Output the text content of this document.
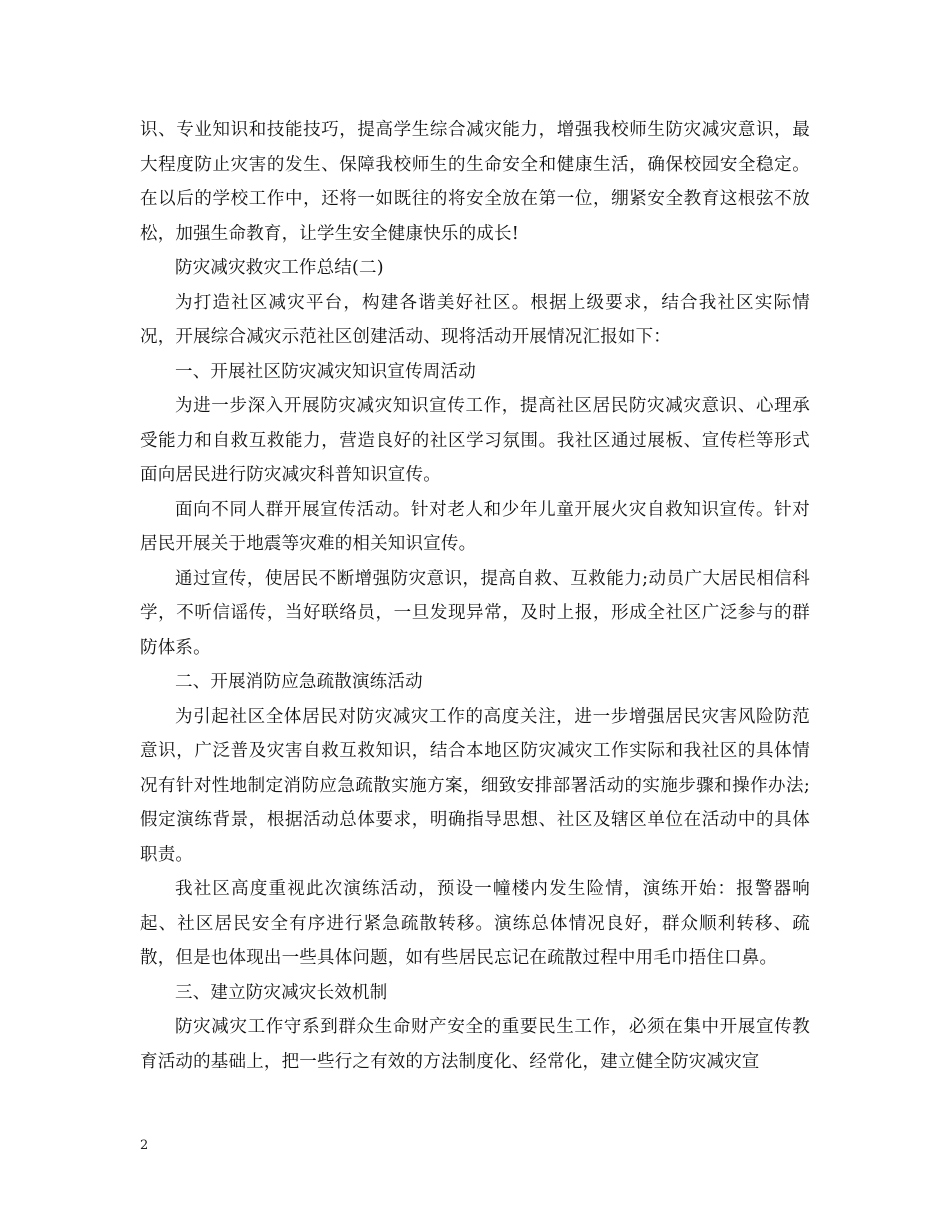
识、专业知识和技能技巧，提高学生综合减灾能力，增强我校师生防灾减灾意识，最大程度防止灾害的发生、保障我校师生的生命安全和健康生活，确保校园安全稳定。在以后的学校工作中，还将一如既往的将安全放在第一位，绷紧安全教育这根弦不放松，加强生命教育，让学生安全健康快乐的成长!

防灾减灾救灾工作总结(二)

为打造社区减灾平台，构建各谐美好社区。根据上级要求，结合我社区实际情况，开展综合减灾示范社区创建活动、现将活动开展情况汇报如下：

一、开展社区防灾减灾知识宣传周活动

为进一步深入开展防灾减灾知识宣传工作，提高社区居民防灾减灾意识、心理承受能力和自救互救能力，营造良好的社区学习氛围。我社区通过展板、宣传栏等形式面向居民进行防灾减灾科普知识宣传。

面向不同人群开展宣传活动。针对老人和少年儿童开展火灾自救知识宣传。针对居民开展关于地震等灾难的相关知识宣传。

通过宣传，使居民不断增强防灾意识，提高自救、互救能力;动员广大居民相信科学，不听信谣传，当好联络员，一旦发现异常，及时上报，形成全社区广泛参与的群防体系。

二、开展消防应急疏散演练活动

为引起社区全体居民对防灾减灾工作的高度关注，进一步增强居民灾害风险防范意识，广泛普及灾害自救互救知识，结合本地区防灾减灾工作实际和我社区的具体情况有针对性地制定消防应急疏散实施方案，细致安排部署活动的实施步骤和操作办法;假定演练背景，根据活动总体要求，明确指导思想、社区及辖区单位在活动中的具体职责。

我社区高度重视此次演练活动，预设一幢楼内发生险情，演练开始：报警器响起、社区居民安全有序进行紧急疏散转移。演练总体情况良好，群众顺利转移、疏散，但是也体现出一些具体问题，如有些居民忘记在疏散过程中用毛巾捂住口鼻。

三、建立防灾减灾长效机制

防灾减灾工作守系到群众生命财产安全的重要民生工作，必须在集中开展宣传教育活动的基础上，把一些行之有效的方法制度化、经常化，建立健全防灾减灾宣

2
